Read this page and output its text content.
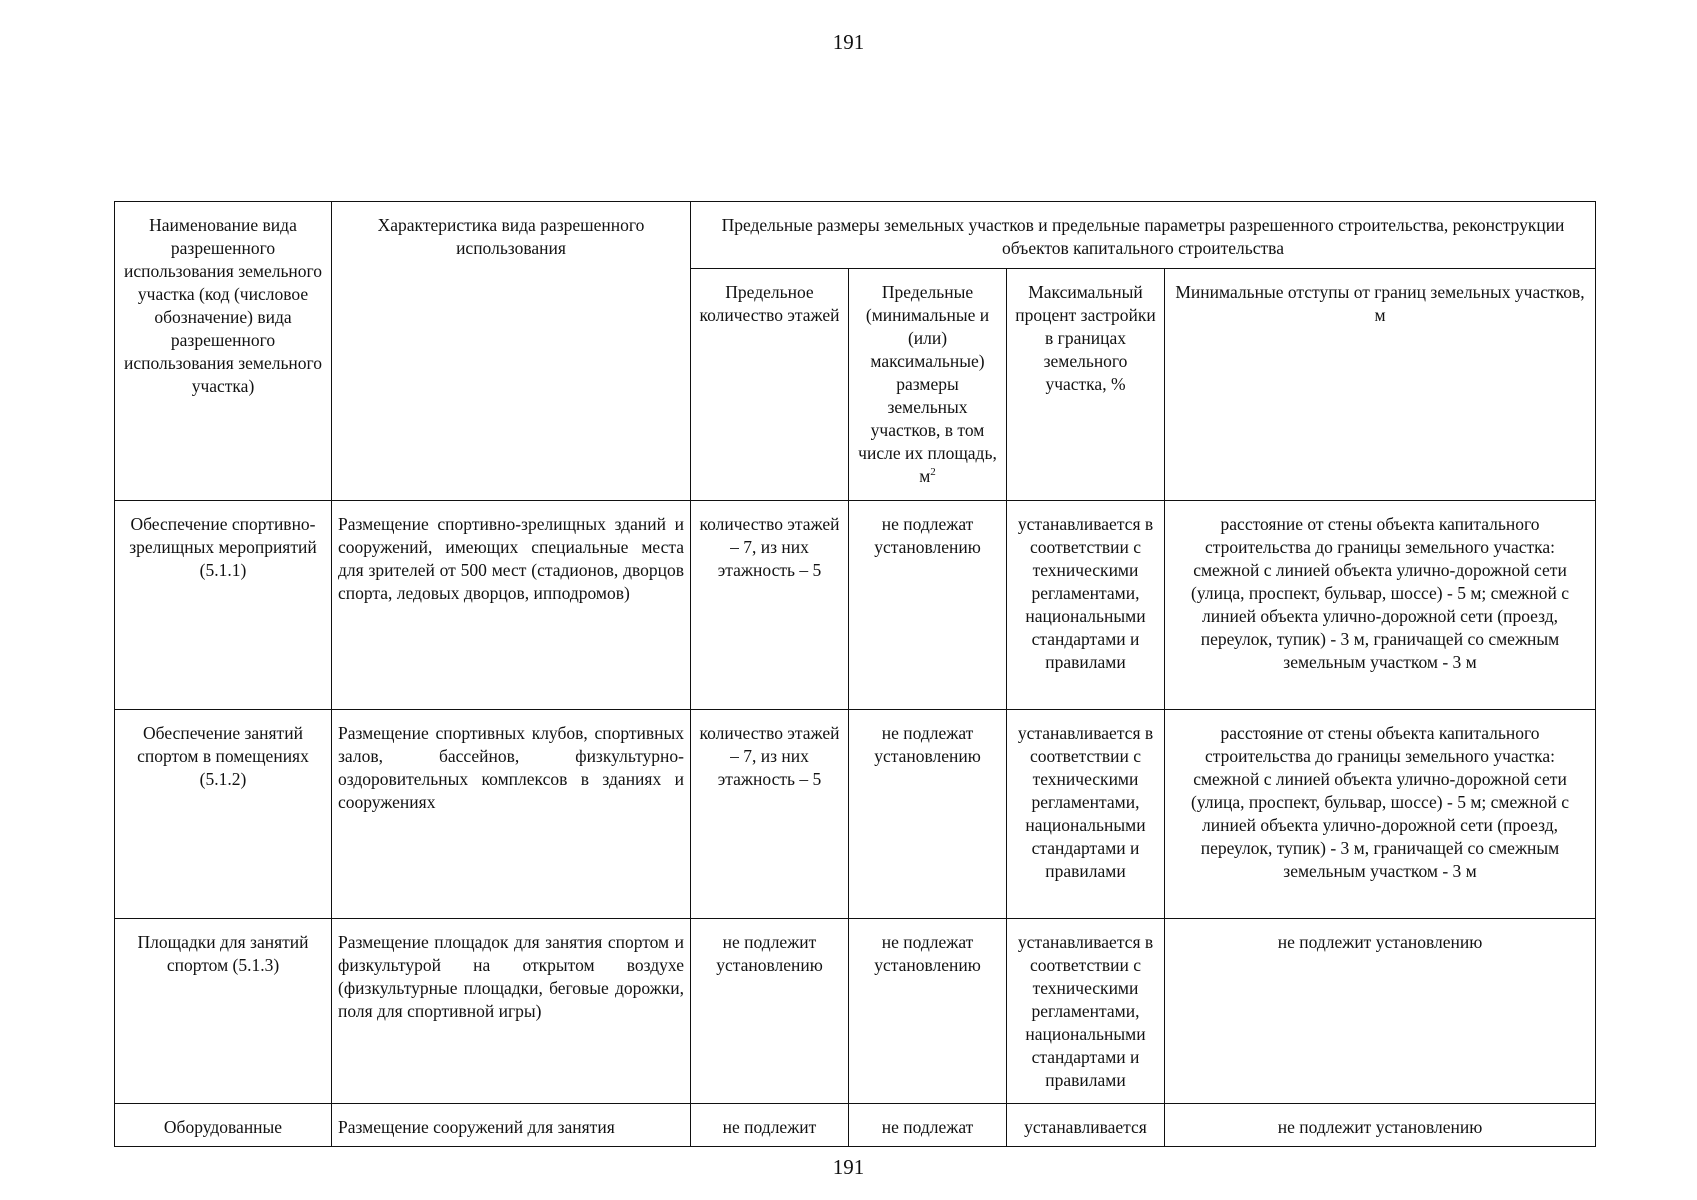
191
Наименование вида разрешенного использования земельного участка (код (числовое обозначение) вида разрешенного использования земельного участка)	Характеристика вида разрешенного использования	Предельные размеры земельных участков и предельные параметры разрешенного строительства, реконструкции объектов капитального строительства			
		Предельное количество этажей	Предельные (минимальные и (или) максимальные) размеры земельных участков, в том числе их площадь, $м^2$	Максимальный процент застройки в границах земельного участка, %	Минимальные отступы от границ земельных участков, м
Обеспечение спортивно-зрелищных мероприятий (5.1.1)	Размещение спортивно-зрелищных зданий и сооружений, имеющих специальные места для зрителей от 500 мест (стадионов, дворцов спорта, ледовых дворцов, ипподромов)	количество этажей – 7, из них этажность – 5	не подлежат установлению	устанавливается в соответствии с техническими регламентами, национальными стандартами и правилами	расстояние от стены объекта капитального строительства до границы земельного участка: смежной с линией объекта улично-дорожной сети (улица, проспект, бульвар, шоссе) - 5 м; смежной с линией объекта улично-дорожной сети (проезд, переулок, тупик) - 3 м, граничащей со смежным земельным участком - 3 м
Обеспечение занятий спортом в помещениях (5.1.2)	Размещение спортивных клубов, спортивных залов, бассейнов, физкультурно-оздоровительных комплексов в зданиях и сооружениях	количество этажей – 7, из них этажность – 5	не подлежат установлению	устанавливается в соответствии с техническими регламентами, национальными стандартами и правилами	расстояние от стены объекта капитального строительства до границы земельного участка: смежной с линией объекта улично-дорожной сети (улица, проспект, бульвар, шоссе) - 5 м; смежной с линией объекта улично-дорожной сети (проезд, переулок, тупик) - 3 м, граничащей со смежным земельным участком - 3 м
Площадки для занятий спортом (5.1.3)	Размещение площадок для занятия спортом и физкультурой на открытом воздухе (физкультурные площадки, беговые дорожки, поля для спортивной игры)	не подлежит установлению	не подлежат установлению	устанавливается в соответствии с техническими регламентами, национальными стандартами и правилами	не подлежит установлению
Оборудованные	Размещение сооружений для занятия	не подлежит	не подлежат	устанавливается	не подлежит установлению
191
